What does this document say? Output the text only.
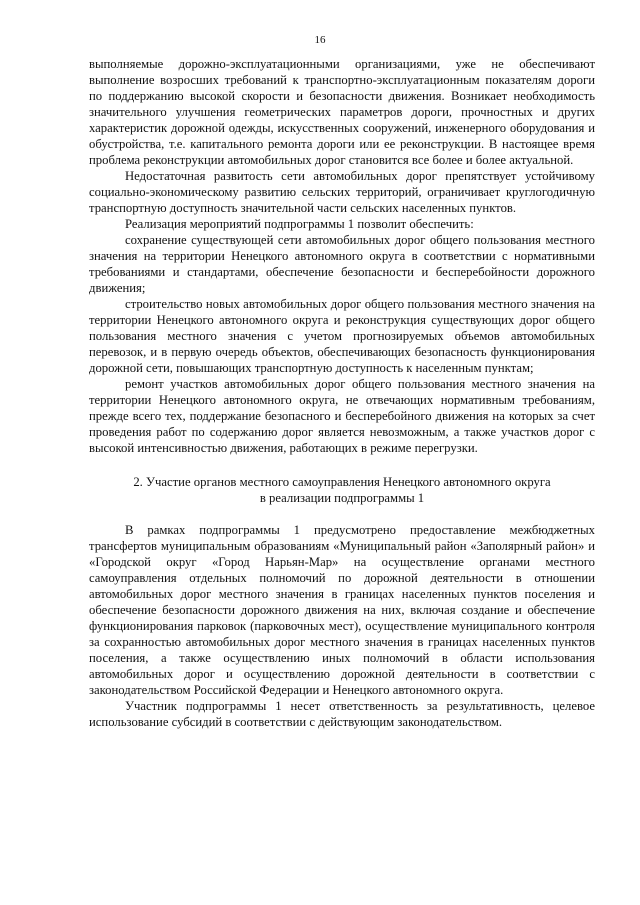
16

выполняемые дорожно-эксплуатационными организациями, уже не обеспечивают выполнение возросших требований к транспортно-эксплуатационным показателям дороги по поддержанию высокой скорости и безопасности движения. Возникает необходимость значительного улучшения геометрических параметров дороги, прочностных и других характеристик дорожной одежды, искусственных сооружений, инженерного оборудования и обустройства, т.е. капитального ремонта дороги или ее реконструкции. В настоящее время проблема реконструкции автомобильных дорог становится все более и более актуальной.

Недостаточная развитость сети автомобильных дорог препятствует устойчивому социально-экономическому развитию сельских территорий, ограничивает круглогодичную транспортную доступность значительной части сельских населенных пунктов.

Реализация мероприятий подпрограммы 1 позволит обеспечить:

сохранение существующей сети автомобильных дорог общего пользования местного значения на территории Ненецкого автономного округа в соответствии с нормативными требованиями и стандартами, обеспечение безопасности и бесперебойности дорожного движения;

строительство новых автомобильных дорог общего пользования местного значения на территории Ненецкого автономного округа и реконструкция существующих дорог общего пользования местного значения с учетом прогнозируемых объемов автомобильных перевозок, и в первую очередь объектов, обеспечивающих безопасность функционирования дорожной сети, повышающих транспортную доступность к населенным пунктам;

ремонт участков автомобильных дорог общего пользования местного значения на территории Ненецкого автономного округа, не отвечающих нормативным требованиям, прежде всего тех, поддержание безопасного и бесперебойного движения на которых за счет проведения работ по содержанию дорог является невозможным, а также участков дорог с высокой интенсивностью движения, работающих в режиме перегрузки.

2. Участие органов местного самоуправления Ненецкого автономного округа
в реализации подпрограммы 1

В рамках подпрограммы 1 предусмотрено предоставление межбюджетных трансфертов муниципальным образованиям «Муниципальный район «Заполярный район» и «Городской округ «Город Нарьян-Мар» на осуществление органами местного самоуправления отдельных полномочий по дорожной деятельности в отношении автомобильных дорог местного значения в границах населенных пунктов поселения и обеспечение безопасности дорожного движения на них, включая создание и обеспечение функционирования парковок (парковочных мест), осуществление муниципального контроля за сохранностью автомобильных дорог местного значения в границах населенных пунктов поселения, а также осуществлению иных полномочий в области использования автомобильных дорог и осуществлению дорожной деятельности в соответствии с законодательством Российской Федерации и Ненецкого автономного округа.

Участник подпрограммы 1 несет ответственность за результативность, целевое использование субсидий в соответствии с действующим законодательством.
